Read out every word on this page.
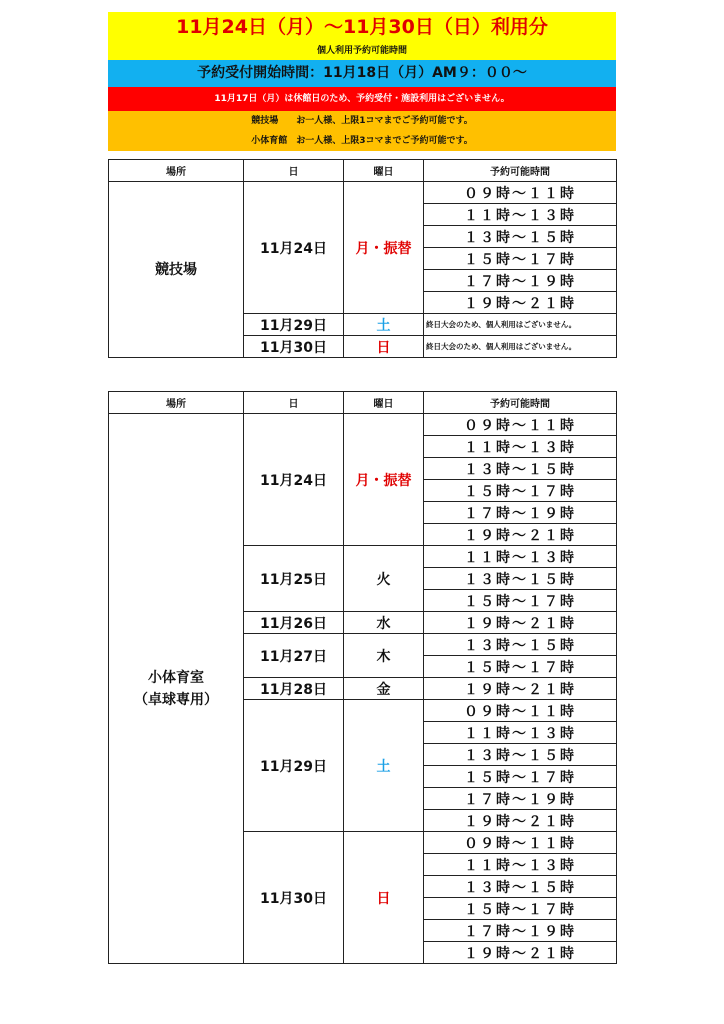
11月24日（月）～11月30日（日）利用分
個人利用予約可能時間
予約受付開始時間：11月18日（月）AM９：００～
11月17日（月）は休館日のため、予約受付・施設利用はございません。
競技場　　お一人様、上限1コマまでご予約可能です。
小体育館　お一人様、上限3コマまでご予約可能です。
場所	日	曜日	予約可能時間
競技場	11月24日	月・振替	０９時～１１時
			１１時～１３時
			１３時～１５時
			１５時～１７時
			１７時～１９時
			１９時～２１時
	11月29日	土	終日大会のため、個人利用はございません。
	11月30日	日	終日大会のため、個人利用はございません。
場所	日	曜日	予約可能時間

小体育室
（卓球専用）	11月24日	月・振替	０９時～１１時
			１１時～１３時
			１３時～１５時
			１５時～１７時
			１７時～１９時
			１９時～２１時
	11月25日	火	１１時～１３時
			１３時～１５時
			１５時～１７時
	11月26日	水	１９時～２１時
	11月27日	木	１３時～１５時
			１５時～１７時
	11月28日	金	１９時～２１時
	11月29日	土	０９時～１１時
			１１時～１３時
			１３時～１５時
			１５時～１７時
			１７時～１９時
			１９時～２１時
	11月30日	日	０９時～１１時
			１１時～１３時
			１３時～１５時
			１５時～１７時
			１７時～１９時
			１９時～２１時
